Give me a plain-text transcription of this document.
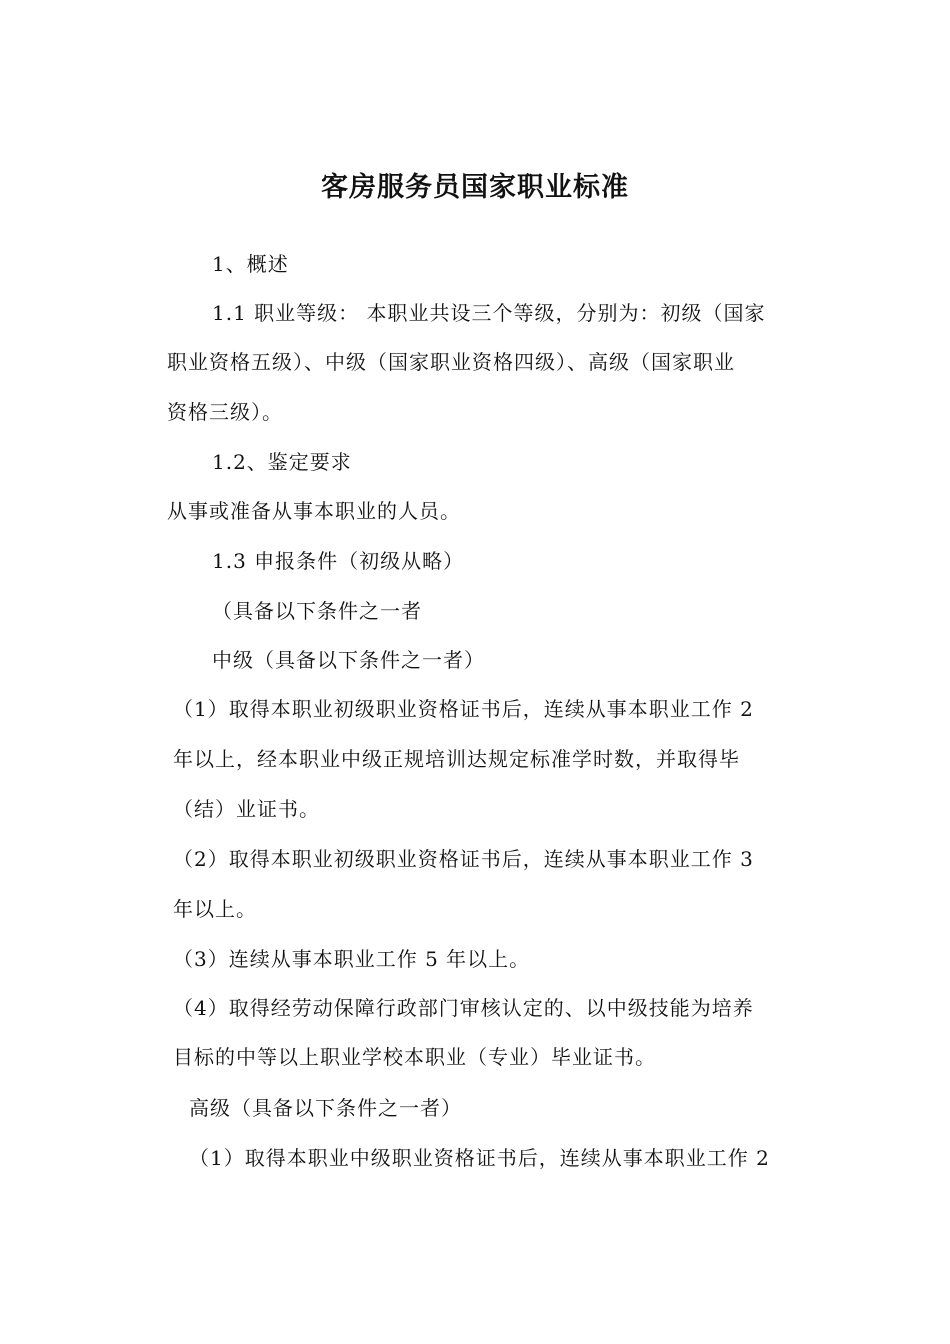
客房服务员国家职业标准
1、概述
1.1 职业等级： 本职业共设三个等级，分别为：初级（国家
职业资格五级）、中级（国家职业资格四级）、高级（国家职业
资格三级）。
1.2、鉴定要求
从事或准备从事本职业的人员。
1.3 申报条件（初级从略）
（具备以下条件之一者
中级（具备以下条件之一者）
（1）取得本职业初级职业资格证书后，连续从事本职业工作 2
年以上，经本职业中级正规培训达规定标准学时数，并取得毕
（结）业证书。
（2）取得本职业初级职业资格证书后，连续从事本职业工作 3
年以上。
（3）连续从事本职业工作 5 年以上。
（4）取得经劳动保障行政部门审核认定的、以中级技能为培养
目标的中等以上职业学校本职业（专业）毕业证书。
高级（具备以下条件之一者）
（1）取得本职业中级职业资格证书后，连续从事本职业工作 2
